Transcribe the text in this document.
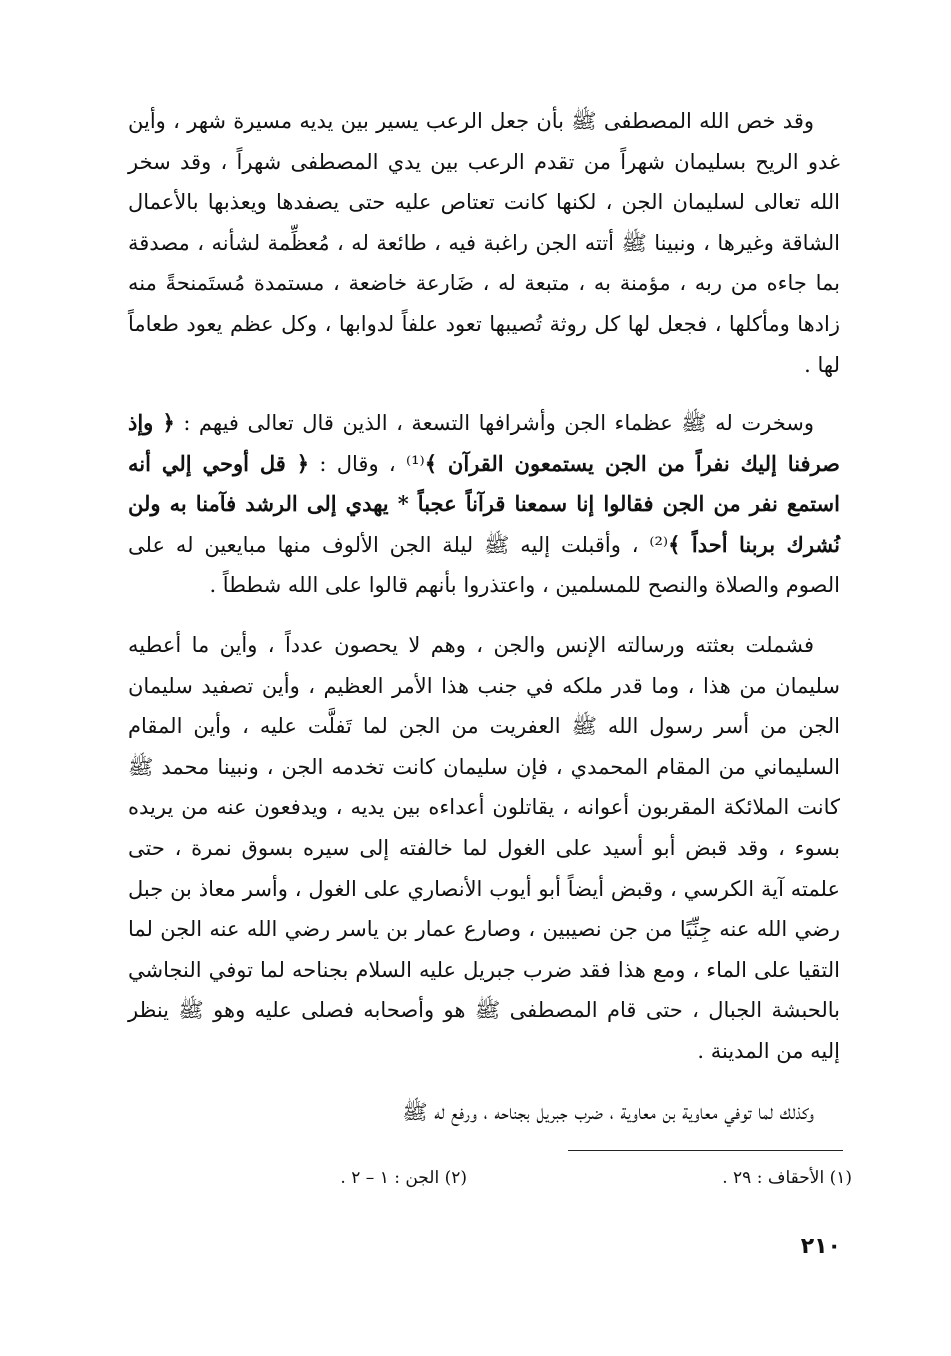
وقد خص الله المصطفى ﷺ بأن جعل الرعب يسير بين يديه مسيرة شهر ، وأين غدو الريح بسليمان شهراً من تقدم الرعب بين يدي المصطفى شهراً ، وقد سخر الله تعالى لسليمان الجن ، لكنها كانت تعتاص عليه حتى يصفدها ويعذبها بالأعمال الشاقة وغيرها ، ونبينا ﷺ أتته الجن راغبة فيه ، طائعة له ، مُعظِّمة لشأنه ، مصدقة بما جاءه من ربه ، مؤمنة به ، متبعة له ، ضَارعة خاضعة ، مستمدة مُستَمنحةً منه زادها ومأكلها ، فجعل لها كل روثة تُصيبها تعود علفاً لدوابها ، وكل عظم يعود طعاماً لها .

وسخرت له ﷺ عظماء الجن وأشرافها التسعة ، الذين قال تعالى فيهم : ﴿ وإذ صرفنا إليك نفراً من الجن يستمعون القرآن ﴾⁽¹⁾ ، وقال : ﴿ قل أوحي إلي أنه استمع نفر من الجن فقالوا إنا سمعنا قرآناً عجباً * يهدي إلى الرشد فآمنا به ولن نُشرك بربنا أحداً ﴾⁽²⁾ ، وأقبلت إليه ﷺ ليلة الجن الألوف منها مبايعين له على الصوم والصلاة والنصح للمسلمين ، واعتذروا بأنهم قالوا على الله شططاً .

فشملت بعثته ورسالته الإنس والجن ، وهم لا يحصون عدداً ، وأين ما أعطيه سليمان من هذا ، وما قدر ملكه في جنب هذا الأمر العظيم ، وأين تصفيد سليمان الجن من أسر رسول الله ﷺ العفريت من الجن لما تَفلَّت عليه ، وأين المقام السليماني من المقام المحمدي ، فإن سليمان كانت تخدمه الجن ، ونبينا محمد ﷺ كانت الملائكة المقربون أعوانه ، يقاتلون أعداءه بين يديه ، ويدفعون عنه من يريده بسوء ، وقد قبض أبو أسيد على الغول لما خالفته إلى سيره بسوق نمرة ، حتى علمته آية الكرسي ، وقبض أيضاً أبو أيوب الأنصاري على الغول ، وأسر معاذ بن جبل رضي الله عنه جِنِّيًا من جن نصيبين ، وصارع عمار بن ياسر رضي الله عنه الجن لما التقيا على الماء ، ومع هذا فقد ضرب جبريل عليه السلام بجناحه لما توفي النجاشي بالحبشة الجبال ، حتى قام المصطفى ﷺ هو وأصحابه فصلى عليه وهو ﷺ ينظر إليه من المدينة .

وكذلك لما توفي معاوية بن معاوية ، ضرب جبريل بجناحه ، ورفع له ﷺ

(١) الأحقاف : ٢٩ .
(٢) الجن : ١ – ٢ .
٢١٠
